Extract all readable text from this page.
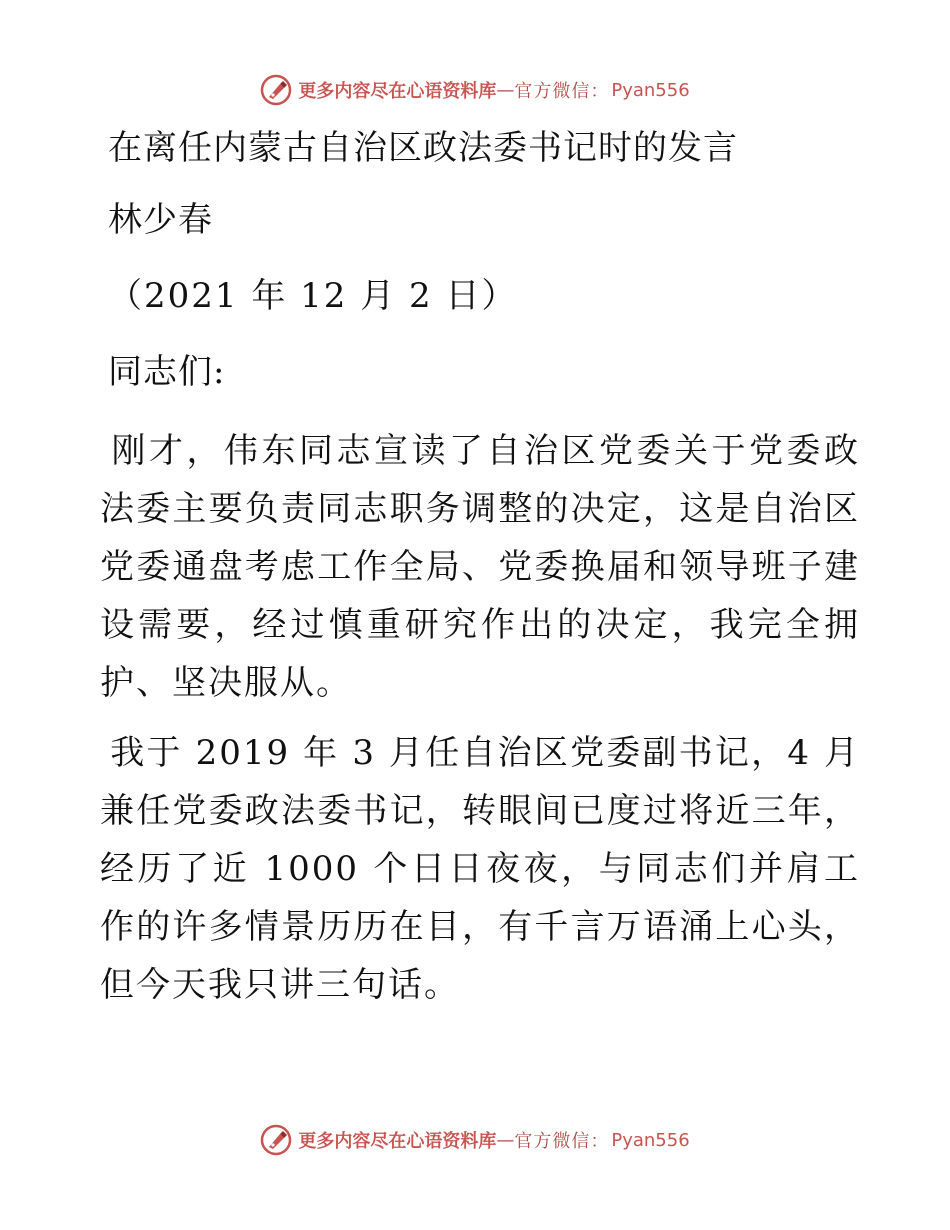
更多内容尽在心语资料库 — 官方微信： Pyan556
在离任内蒙古自治区政法委书记时的发言
林少春
（2021 年 12 月 2 日）
同志们:
刚才，伟东同志宣读了自治区党委关于党委政法委主要负责同志职务调整的决定，这是自治区党委通盘考虑工作全局、党委换届和领导班子建设需要，经过慎重研究作出的决定，我完全拥护、坚决服从。
我于 2019 年 3 月任自治区党委副书记，4 月兼任党委政法委书记，转眼间已度过将近三年，经历了近 1000 个日日夜夜，与同志们并肩工作的许多情景历历在目，有千言万语涌上心头，但今天我只讲三句话。
更多内容尽在心语资料库 — 官方微信： Pyan556
